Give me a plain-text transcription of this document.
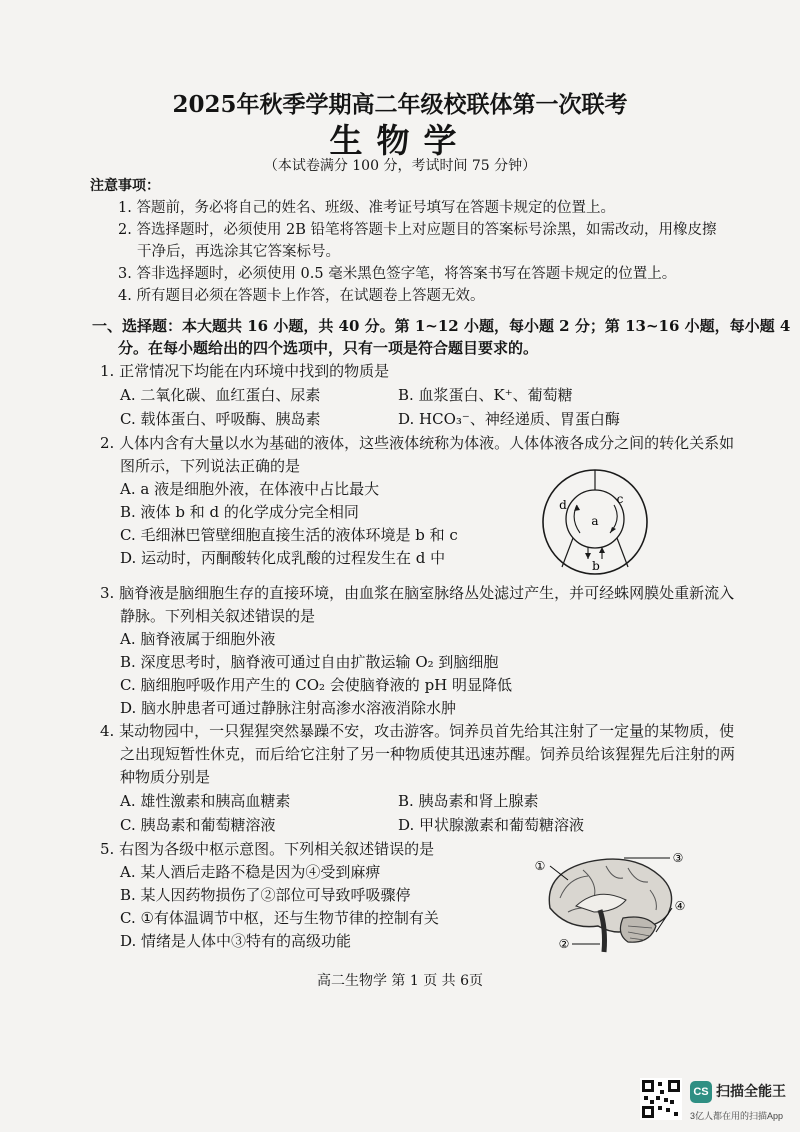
2025年秋季学期高二年级校联体第一次联考
生物学
（本试卷满分 100 分，考试时间 75 分钟）
注意事项：
1. 答题前，务必将自己的姓名、班级、准考证号填写在答题卡规定的位置上。
2. 答选择题时，必须使用 2B 铅笔将答题卡上对应题目的答案标号涂黑，如需改动，用橡皮擦
干净后，再选涂其它答案标号。
3. 答非选择题时，必须使用 0.5 毫米黑色签字笔，将答案书写在答题卡规定的位置上。
4. 所有题目必须在答题卡上作答，在试题卷上答题无效。
一、选择题：本大题共 16 小题，共 40 分。第 1~12 小题，每小题 2 分；第 13~16 小题，每小题 4
分。在每小题给出的四个选项中，只有一项是符合题目要求的。
1. 正常情况下均能在内环境中找到的物质是
A. 二氧化碳、血红蛋白、尿素	B. 血浆蛋白、K⁺、葡萄糖
C. 载体蛋白、呼吸酶、胰岛素	D. HCO₃⁻、神经递质、胃蛋白酶
2. 人体内含有大量以水为基础的液体，这些液体统称为体液。人体体液各成分之间的转化关系如
图所示，下列说法正确的是
A. a 液是细胞外液，在体液中占比最大
B. 液体 b 和 d 的化学成分完全相同
C. 毛细淋巴管壁细胞直接生活的液体环境是 b 和 c
D. 运动时，丙酮酸转化成乳酸的过程发生在 d 中
a
b
c
d
3. 脑脊液是脑细胞生存的直接环境，由血浆在脑室脉络丛处滤过产生，并可经蛛网膜处重新流入
静脉。下列相关叙述错误的是
A. 脑脊液属于细胞外液
B. 深度思考时，脑脊液可通过自由扩散运输 O₂ 到脑细胞
C. 脑细胞呼吸作用产生的 CO₂ 会使脑脊液的 pH 明显降低
D. 脑水肿患者可通过静脉注射高渗水溶液消除水肿
4. 某动物园中，一只猩猩突然暴躁不安，攻击游客。饲养员首先给其注射了一定量的某物质，使
之出现短暂性休克，而后给它注射了另一种物质使其迅速苏醒。饲养员给该猩猩先后注射的两
种物质分别是
A. 雄性激素和胰高血糖素	B. 胰岛素和肾上腺素
C. 胰岛素和葡萄糖溶液	D. 甲状腺激素和葡萄糖溶液
5. 右图为各级中枢示意图。下列相关叙述错误的是
A. 某人酒后走路不稳是因为④受到麻痹
B. 某人因药物损伤了②部位可导致呼吸骤停
C. ①有体温调节中枢，还与生物节律的控制有关
D. 情绪是人体中③特有的高级功能
①
②
③
④
高二生物学 第 1 页 共 6页
CS 扫描全能王
3亿人都在用的扫描App
